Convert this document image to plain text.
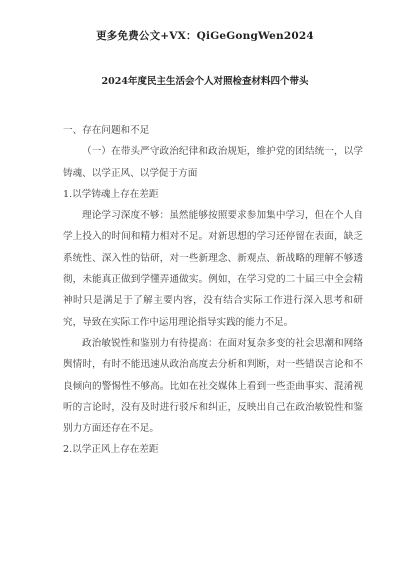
更多免费公文+VX：QiGeGongWen2024
2024年度民主生活会个人对照检查材料四个带头

一、存在问题和不足

（一）在带头严守政治纪律和政治规矩，维护党的团结统一，以学铸魂、以学正风、以学促于方面

1.以学铸魂上存在差距

理论学习深度不够：虽然能够按照要求参加集中学习，但在个人自学上投入的时间和精力相对不足。对新思想的学习还停留在表面，缺乏系统性、深入性的钻研，对一些新理念、新观点、新战略的理解不够透彻，未能真正做到学懂弄通做实。例如，在学习党的二十届三中全会精神时只是满足于了解主要内容，没有结合实际工作进行深入思考和研究，导致在实际工作中运用理论指导实践的能力不足。

政治敏锐性和鉴别力有待提高：在面对复杂多变的社会思潮和网络舆情时，有时不能迅速从政治高度去分析和判断，对一些错误言论和不良倾向的警惕性不够高。比如在社交媒体上看到一些歪曲事实、混淆视听的言论时，没有及时进行驳斥和纠正，反映出自己在政治敏锐性和鉴别力方面还存在不足。

2.以学正风上存在差距
